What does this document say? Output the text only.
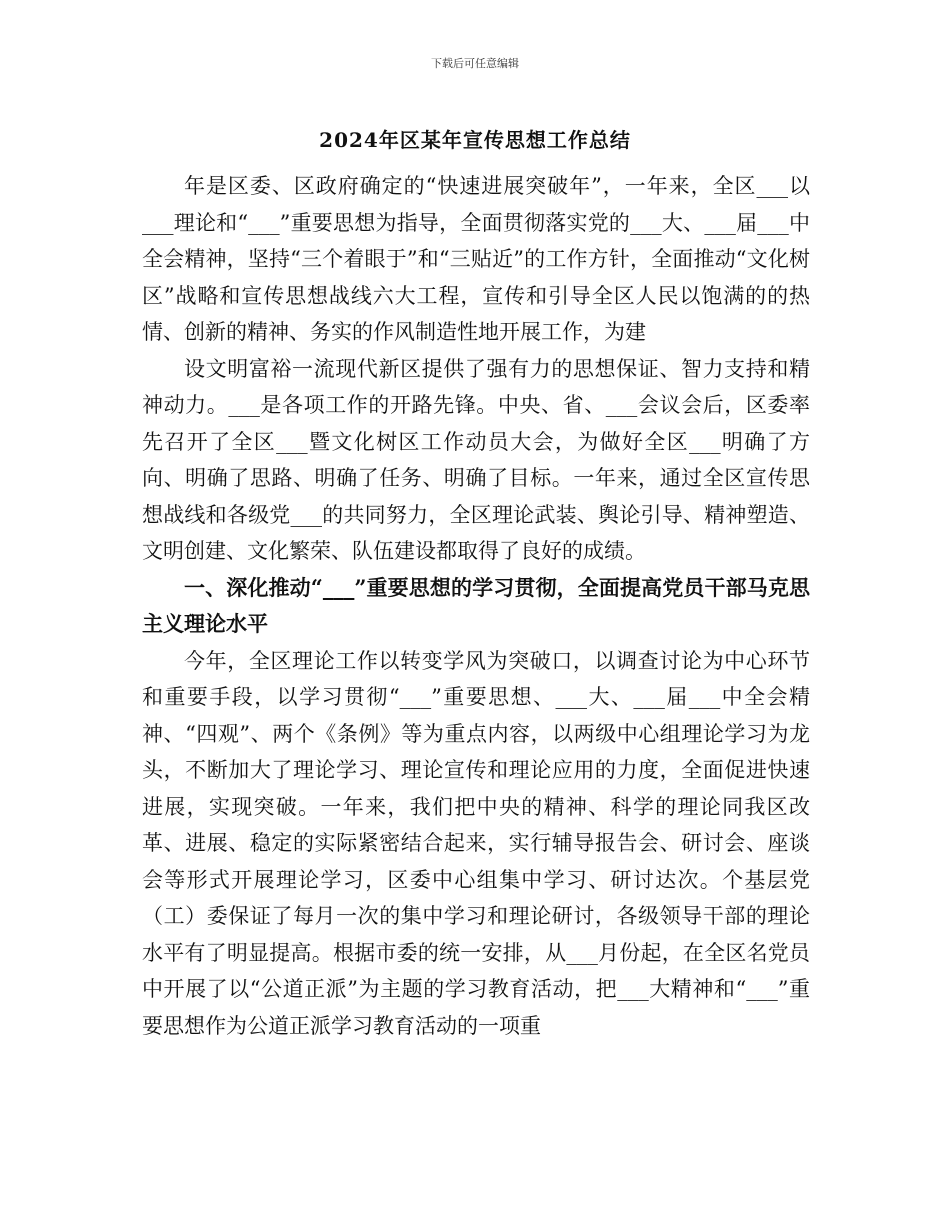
下载后可任意编辑
2024年区某年宣传思想工作总结

年是区委、区政府确定的“快速进展突破年”，一年来，全区___以___理论和“___”重要思想为指导，全面贯彻落实党的___大、___届___中全会精神，坚持“三个着眼于”和“三贴近”的工作方针，全面推动“文化树区”战略和宣传思想战线六大工程，宣传和引导全区人民以饱满的的热情、创新的精神、务实的作风制造性地开展工作，为建

设文明富裕一流现代新区提供了强有力的思想保证、智力支持和精神动力。___是各项工作的开路先锋。中央、省、___会议会后，区委率先召开了全区___暨文化树区工作动员大会，为做好全区___明确了方向、明确了思路、明确了任务、明确了目标。一年来，通过全区宣传思想战线和各级党___的共同努力，全区理论武装、舆论引导、精神塑造、文明创建、文化繁荣、队伍建设都取得了良好的成绩。

一、深化推动“___”重要思想的学习贯彻，全面提高党员干部马克思主义理论水平

今年，全区理论工作以转变学风为突破口，以调查讨论为中心环节和重要手段，以学习贯彻“___”重要思想、___大、___届___中全会精神、“四观”、两个《条例》等为重点内容，以两级中心组理论学习为龙头，不断加大了理论学习、理论宣传和理论应用的力度，全面促进快速进展，实现突破。一年来，我们把中央的精神、科学的理论同我区改革、进展、稳定的实际紧密结合起来，实行辅导报告会、研讨会、座谈会等形式开展理论学习，区委中心组集中学习、研讨达次。个基层党（工）委保证了每月一次的集中学习和理论研讨，各级领导干部的理论水平有了明显提高。根据市委的统一安排，从___月份起，在全区名党员中开展了以“公道正派”为主题的学习教育活动，把___大精神和“___”重要思想作为公道正派学习教育活动的一项重
